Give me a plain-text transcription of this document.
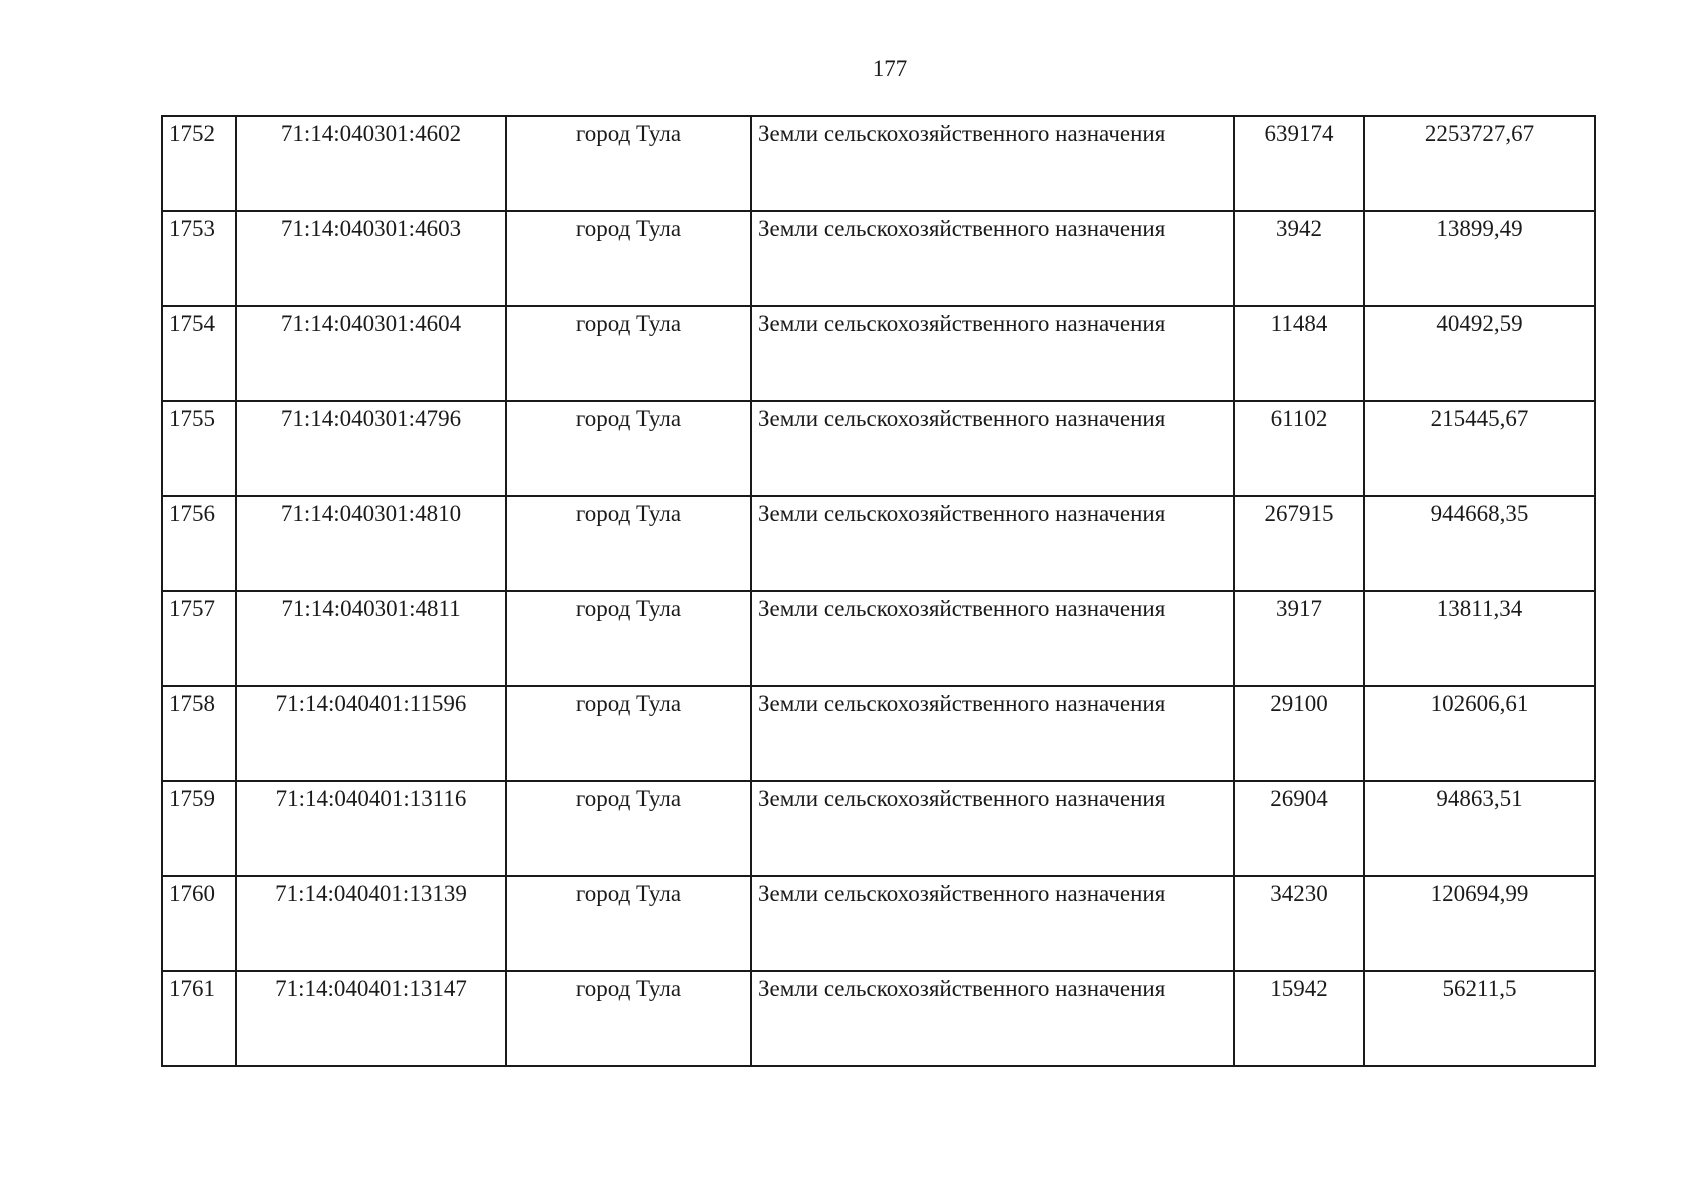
177
1752	71:14:040301:4602	город Тула	Земли сельскохозяйственного назначения	639174	2253727,67
1753	71:14:040301:4603	город Тула	Земли сельскохозяйственного назначения	3942	13899,49
1754	71:14:040301:4604	город Тула	Земли сельскохозяйственного назначения	11484	40492,59
1755	71:14:040301:4796	город Тула	Земли сельскохозяйственного назначения	61102	215445,67
1756	71:14:040301:4810	город Тула	Земли сельскохозяйственного назначения	267915	944668,35
1757	71:14:040301:4811	город Тула	Земли сельскохозяйственного назначения	3917	13811,34
1758	71:14:040401:11596	город Тула	Земли сельскохозяйственного назначения	29100	102606,61
1759	71:14:040401:13116	город Тула	Земли сельскохозяйственного назначения	26904	94863,51
1760	71:14:040401:13139	город Тула	Земли сельскохозяйственного назначения	34230	120694,99
1761	71:14:040401:13147	город Тула	Земли сельскохозяйственного назначения	15942	56211,5
